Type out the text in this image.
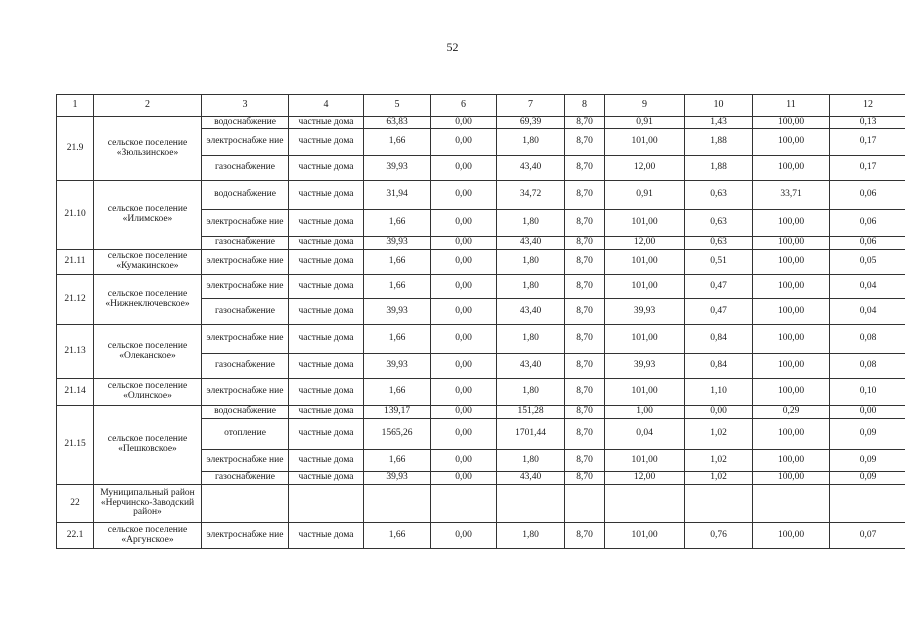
52
1	2	3	4	5	6	7	8	9	10	11	12
21.9	сельское поселение «Зюльзинское»	водоснабжение	частные дома	63,83	0,00	69,39	8,70	0,91	1,43	100,00	0,13
		электроснабже ние	частные дома	1,66	0,00	1,80	8,70	101,00	1,88	100,00	0,17
		газоснабжение	частные дома	39,93	0,00	43,40	8,70	12,00	1,88	100,00	0,17
21.10	сельское поселение «Илимское»	водоснабжение	частные дома	31,94	0,00	34,72	8,70	0,91	0,63	33,71	0,06
		электроснабже ние	частные дома	1,66	0,00	1,80	8,70	101,00	0,63	100,00	0,06
		газоснабжение	частные дома	39,93	0,00	43,40	8,70	12,00	0,63	100,00	0,06
21.11	сельское поселение «Кумакинское»	электроснабже ние	частные дома	1,66	0,00	1,80	8,70	101,00	0,51	100,00	0,05
21.12	сельское поселение «Нижнеключевское»	электроснабже ние	частные дома	1,66	0,00	1,80	8,70	101,00	0,47	100,00	0,04
		газоснабжение	частные дома	39,93	0,00	43,40	8,70	39,93	0,47	100,00	0,04
21.13	сельское поселение «Олеканское»	электроснабже ние	частные дома	1,66	0,00	1,80	8,70	101,00	0,84	100,00	0,08
		газоснабжение	частные дома	39,93	0,00	43,40	8,70	39,93	0,84	100,00	0,08
21.14	сельское поселение «Олинское»	электроснабже ние	частные дома	1,66	0,00	1,80	8,70	101,00	1,10	100,00	0,10
21.15	сельское поселение «Пешковское»	водоснабжение	частные дома	139,17	0,00	151,28	8,70	1,00	0,00	0,29	0,00
		отопление	частные дома	1565,26	0,00	1701,44	8,70	0,04	1,02	100,00	0,09
		электроснабже ние	частные дома	1,66	0,00	1,80	8,70	101,00	1,02	100,00	0,09
		газоснабжение	частные дома	39,93	0,00	43,40	8,70	12,00	1,02	100,00	0,09
22	Муниципальный район «Нерчинско-Заводский район»										
22.1	сельское поселение «Аргунское»	электроснабже ние	частные дома	1,66	0,00	1,80	8,70	101,00	0,76	100,00	0,07
